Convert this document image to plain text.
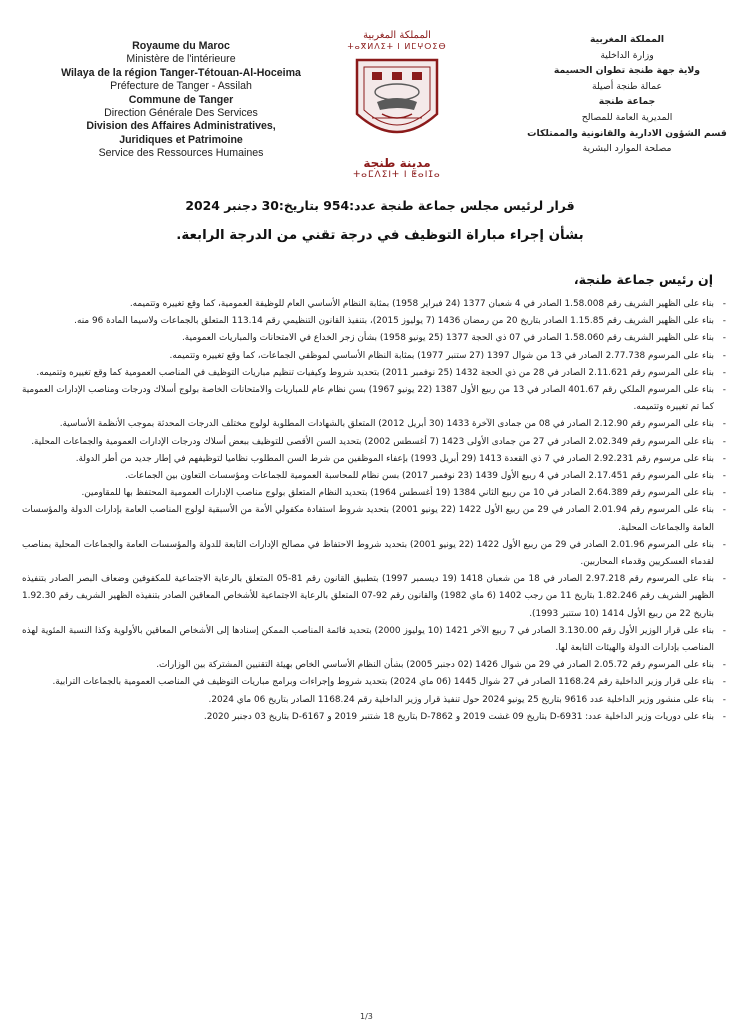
Royaume du Maroc
Ministère de l'intérieure
Wilaya de la région Tanger-Tétouan-Al-Hoceima
Préfecture de Tanger - Assilah
Commune de Tanger
Direction Générale Des Services
Division des Affaires Administratives,
Juridiques et Patrimoine
Service des Ressources Humaines
المملكة المغربية
ⵜⴰⴳⵍⴷⵉⵜ ⵏ ⵍⵎⵖⵔⵉⴱ
مدينة طنجة
ⵜⴰⵎⴷⵉⵏⵜ ⵏ ⵟⴰⵏⵊⴰ
المملكة المغربية
وزارة الداخلية
ولاية جهة طنجة تطوان الحسيمة
عمالة طنجة أصيلة
جماعة طنجة
المديرية العامة للمصالح
قسم الشؤون الادارية والقانونية والممتلكات
مصلحة الموارد البشرية
قرار لرئيس مجلس جماعة طنجة عدد:954 بتاريخ:30 دجنبر 2024
بشأن إجراء مباراة التوظيف في درجة تقني من الدرجة الرابعة.
إن رئيس جماعة طنجة،

-
بناء على الظهير الشريف رقم 1.58.008 الصادر في 4 شعبان 1377 (24 فبراير 1958) بمثابة النظام الأساسي العام للوظيفة العمومية، كما وقع تغييره وتتميمه.

-
بناء على الظهير الشريف رقم 1.15.85 الصادر بتاريخ 20 من رمضان 1436 (7 يوليوز 2015)، بتنفيذ القانون التنظيمي رقم 113.14 المتعلق بالجماعات ولاسيما المادة 96 منه.

-
بناء على الظهير الشريف رقم 1.58.060 الصادر في 07 ذي الحجة 1377 (25 يونيو 1958) بشأن زجر الخداع في الامتحانات والمباريات العمومية.

-
بناء على المرسوم 2.77.738 الصادر في 13 من شوال 1397 (27 ستنبر 1977) بمثابة النظام الأساسي لموظفي الجماعات، كما وقع تغييره وتتميمه.

-
بناء على المرسوم رقم 2.11.621 الصادر في 28 من ذي الحجة 1432 (25 نوفمبر 2011) بتحديد شروط وكيفيات تنظيم مباريات التوظيف في المناصب العمومية كما وقع تغييره وتتميمه.

-
بناء على المرسوم الملكي رقم 401.67 الصادر في 13 من ربيع الأول 1387 (22 يونيو 1967) بسن نظام عام للمباريات والامتحانات الخاصة بولوج أسلاك ودرجات ومناصب الإدارات العمومية كما تم تغييره وتتميمه.

-
بناء على المرسوم رقم 2.12.90 الصادر في 08 من جمادى الآخرة 1433 (30 أبريل 2012) المتعلق بالشهادات المطلوبة لولوج مختلف الدرجات المحدثة بموجب الأنظمة الأساسية.

-
بناء على المرسوم رقم 2.02.349 الصادر في 27 من جمادى الأولى 1423 (7 أغسطس 2002) بتحديد السن الأقصى للتوظيف ببعض أسلاك ودرجات الإدارات العمومية والجماعات المحلية.

-
بناء على مرسوم رقم 2.92.231 الصادر في 7 ذي القعدة 1413 (29 أبريل 1993) بإعفاء الموظفين من شرط السن المطلوب نظاميا لتوظيفهم في إطار جديد من أطر الدولة.

-
بناء على المرسوم رقم 2.17.451 الصادر في 4 ربيع الأول 1439 (23 نوفمبر 2017) بسن نظام للمحاسبة العمومية للجماعات ومؤسسات التعاون بين الجماعات.

-
بناء على المرسوم رقم 2.64.389 الصادر في 10 من ربيع الثاني 1384 (19 أغسطس 1964) بتحديد النظام المتعلق بولوج مناصب الإدارات العمومية المحتفظ بها للمقاومين.

-
بناء على المرسوم رقم 2.01.94 الصادر في 29 من ربيع الأول 1422 (22 يونيو 2001) بتحديد شروط استفادة مكفولي الأمة من الأسبقية لولوج المناصب العامة بإدارات الدولة والمؤسسات العامة والجماعات المحلية.

-
بناء على المرسوم 2.01.96 الصادر في 29 من ربيع الأول 1422 (22 يونيو 2001) بتحديد شروط الاحتفاظ في مصالح الإدارات التابعة للدولة والمؤسسات العامة والجماعات المحلية بمناصب لقدماء العسكريين وقدماء المحاربين.

-
بناء على المرسوم رقم 2.97.218 الصادر في 18 من شعبان 1418 (19 ديسمبر 1997) بتطبيق القانون رقم 81-05 المتعلق بالرعاية الاجتماعية للمكفوفين وضعاف البصر الصادر بتنفيذه الظهير الشريف رقم 1.82.246 بتاريخ 11 من رجب 1402 (6 ماي 1982) والقانون رقم 92-07 المتعلق بالرعاية الاجتماعية للأشخاص المعاقين الصادر بتنفيذه الظهير الشريف رقم 1.92.30 بتاريخ 22 من ربيع الأول 1414 (10 ستنبر 1993).

-
بناء على قرار الوزير الأول رقم 3.130.00 الصادر في 7 ربيع الآخر 1421 (10 يوليوز 2000) بتحديد قائمة المناصب الممكن إسنادها إلى الأشخاص المعاقين بالأولوية وكذا النسبة المئوية لهذه المناصب بإدارات الدولة والهيئات التابعة لها.

-
بناء على المرسوم رقم 2.05.72 الصادر في 29 من شوال 1426 (02 دجنبر 2005) بشأن النظام الأساسي الخاص بهيئة التقنيين المشتركة بين الوزارات.

-
بناء على قرار وزير الداخلية رقم 1168.24 الصادر في 27 شوال 1445 (06 ماي 2024) بتحديد شروط وإجراءات وبرامج مباريات التوظيف في المناصب العمومية بالجماعات الترابية.

-
بناء على منشور وزير الداخلية عدد 9616 بتاريخ 25 يونيو 2024 حول تنفيذ قرار وزير الداخلية رقم 1168.24 الصادر بتاريخ 06 ماي 2024.

-
بناء على دوريات وزير الداخلية عدد: D-6931 بتاريخ 09 غشت 2019 و D-7862 بتاريخ 18 شتنبر 2019 و D-6167 بتاريخ 03 دجنبر 2020.

1/3
